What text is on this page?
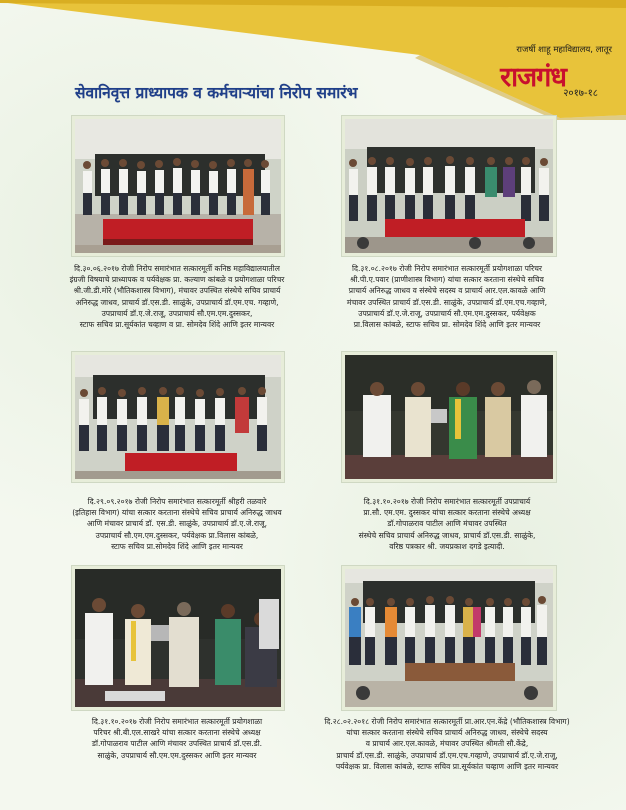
राजर्षी शाहू महाविद्यालय, लातूर
राजगंध
२०१७-१८
सेवानिवृत्त प्राध्यापक व कर्मचाऱ्यांचा निरोप समारंभ
दि.३०.०६.२०१७ रोजी निरोप समारंभात सत्कारमूर्ती कनिष्ठ महाविद्यालयातील
इंग्रजी विषयाचे प्राध्यापक व पर्यवेक्षक प्रा. कल्याण कांबळे व प्रयोगशाळा परिचर
श्री.जी.डी.मोरे (भौतिकशास्त्र विभाग), मंचावर उपस्थित संस्थेचे सचिव प्राचार्य
अनिरुद्ध जाधव, प्राचार्य डॉ.एस.डी. साळुंके, उपप्राचार्य डॉ.एम.एच. गव्हाणे,
उपप्राचार्य डॉ.ए.जे.राजू, उपप्राचार्य सौ.एम.एम.दुस्सकर,
स्टाफ सचिव प्रा.सूर्यकांत चव्हाण व प्रा. सोमदेव शिंदे आणि इतर मान्यवर
दि.३१.०८.२०१७ रोजी निरोप समारंभात सत्कारमूर्ती प्रयोगशाळा परिचर
श्री.पी.ए.पवार (प्राणीशास्त्र विभाग) यांचा सत्कार करताना संस्थेचे सचिव
प्राचार्य अनिरुद्ध जाधव व संस्थेचे सदस्य व प्राचार्य आर.एल.कावळे आणि
मंचावर उपस्थित प्राचार्य डॉ.एस.डी. साळुंके, उपप्राचार्य डॉ.एम.एच.गव्हाणे,
उपप्राचार्य डॉ.ए.जे.राजू, उपप्राचार्य सौ.एम.एम.दुस्सकर, पर्यवेक्षक
प्रा.विलास कांबळे, स्टाफ सचिव प्रा. सोमदेव शिंदे आणि इतर मान्यवर
दि.२९.०९.२०१७ रोजी निरोप समारंभात सत्कारमूर्ती श्रीहरी तळवारे
(इतिहास विभाग) यांचा सत्कार करताना संस्थेचे सचिव प्राचार्य अनिरुद्ध जाधव
आणि मंचावर प्राचार्य डॉ. एस.डी. साळुंके, उपप्राचार्य डॉ.ए.जे.राजू,
उपप्राचार्य सौ.एम.एम.दुस्सकर, पर्यवेक्षक प्रा.विलास कांबळे,
स्टाफ सचिव प्रा.सोमदेव शिंदे आणि इतर मान्यवर
दि.३१.१०.२०१७ रोजी निरोप समारंभात सत्कारमूर्ती उपप्राचार्य
प्रा.सौ. एम.एम. दुस्सकर यांचा सत्कार करताना संस्थेचे अध्यक्ष
डॉ.गोपाळराव पाटील आणि मंचावर उपस्थित
संस्थेचे सचिव प्राचार्य अनिरुद्ध जाधव, प्राचार्य डॉ.एस.डी. साळुंके,
वरिष्ठ पत्रकार श्री. जयप्रकाश दगडे इत्यादी.
दि.३१.१०.२०१७ रोजी निरोप समारंभात सत्कारमूर्ती प्रयोगशाळा
परिचर श्री.बी.एल.साखरे यांचा सत्कार करताना संस्थेचे अध्यक्ष
डॉ.गोपाळराव पाटील आणि मंचावर उपस्थित प्राचार्य डॉ.एस.डी.
साळुंके, उपप्राचार्य सौ.एम.एम.दुस्सकर आणि इतर मान्यवर
दि.२८.०२.२०१८ रोजी निरोप समारंभात सत्कारमूर्ती प्रा.आर.एन.केंद्रे (भौतिकशास्त्र विभाग)
यांचा सत्कार करताना संस्थेचे सचिव प्राचार्य अनिरुद्ध जाधव, संस्थेचे सदस्य
व प्राचार्य आर.एल.कावळे, मंचावर उपस्थित श्रीमती सौ.केंद्रे,
प्राचार्य डॉ.एस.डी. साळुंके, उपप्राचार्य डॉ.एम.एच.गव्हाणे, उपप्राचार्य डॉ.ए.जे.राजू,
पर्यवेक्षक प्रा. विलास कांबळे, स्टाफ सचिव प्रा.सूर्यकांत चव्हाण आणि इतर मान्यवर
